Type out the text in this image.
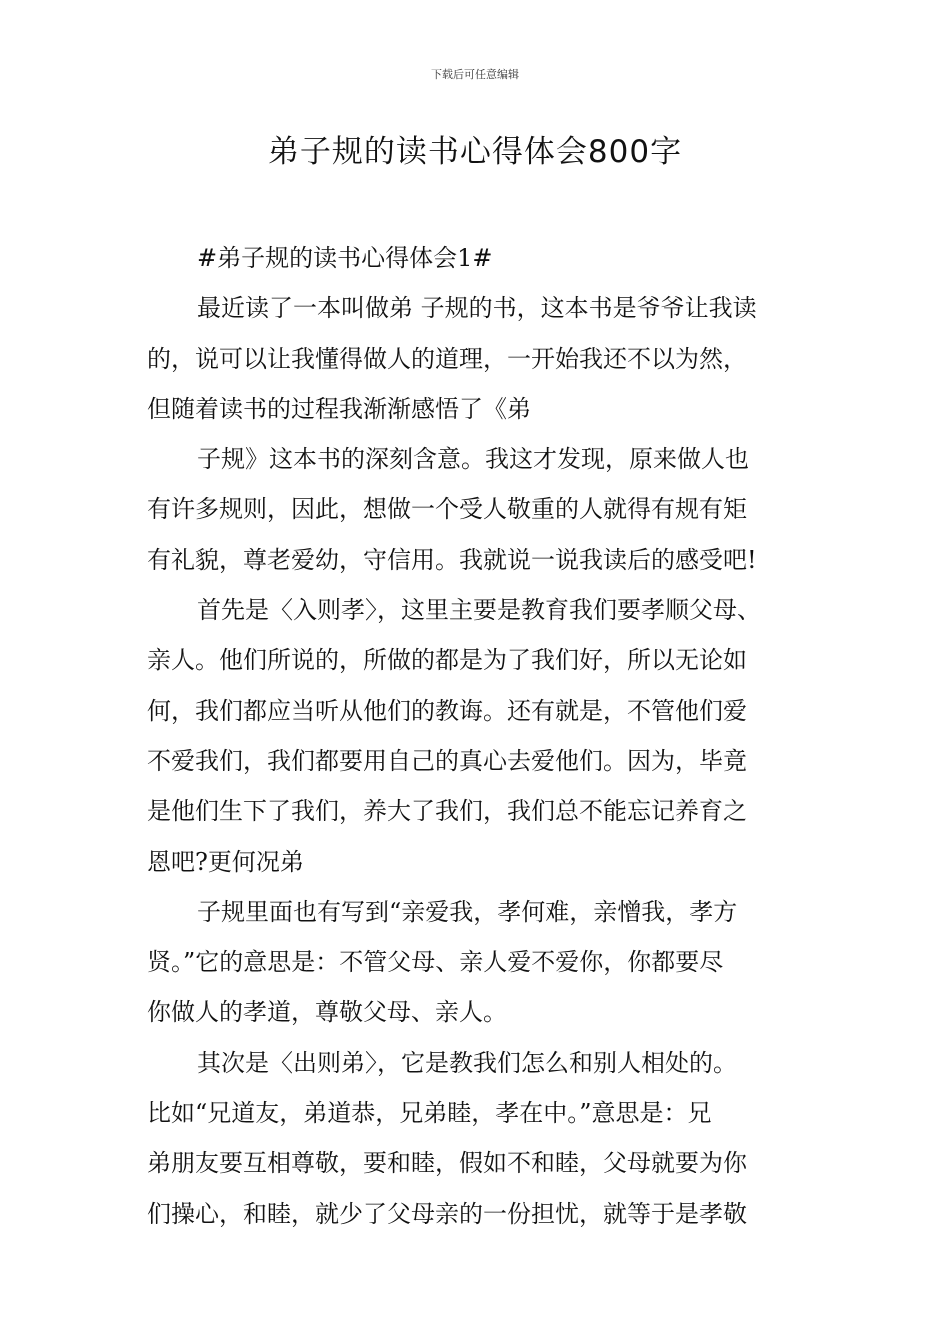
下载后可任意编辑
弟子规的读书心得体会800字
#弟子规的读书心得体会1#
最近读了一本叫做弟 子规的书，这本书是爷爷让我读
的，说可以让我懂得做人的道理，一开始我还不以为然，
但随着读书的过程我渐渐感悟了《弟
子规》这本书的深刻含意。我这才发现，原来做人也
有许多规则，因此，想做一个受人敬重的人就得有规有矩
有礼貌，尊老爱幼，守信用。我就说一说我读后的感受吧!
首先是〈入则孝〉，这里主要是教育我们要孝顺父母、
亲人。他们所说的，所做的都是为了我们好，所以无论如
何，我们都应当听从他们的教诲。还有就是，不管他们爱
不爱我们，我们都要用自己的真心去爱他们。因为，毕竟
是他们生下了我们，养大了我们，我们总不能忘记养育之
恩吧?更何况弟
子规里面也有写到“亲爱我，孝何难，亲憎我，孝方
贤。”它的意思是：不管父母、亲人爱不爱你，你都要尽
你做人的孝道，尊敬父母、亲人。
其次是〈出则弟〉，它是教我们怎么和别人相处的。
比如“兄道友，弟道恭，兄弟睦，孝在中。”意思是：兄
弟朋友要互相尊敬，要和睦，假如不和睦，父母就要为你
们操心，和睦，就少了父母亲的一份担忧，就等于是孝敬
